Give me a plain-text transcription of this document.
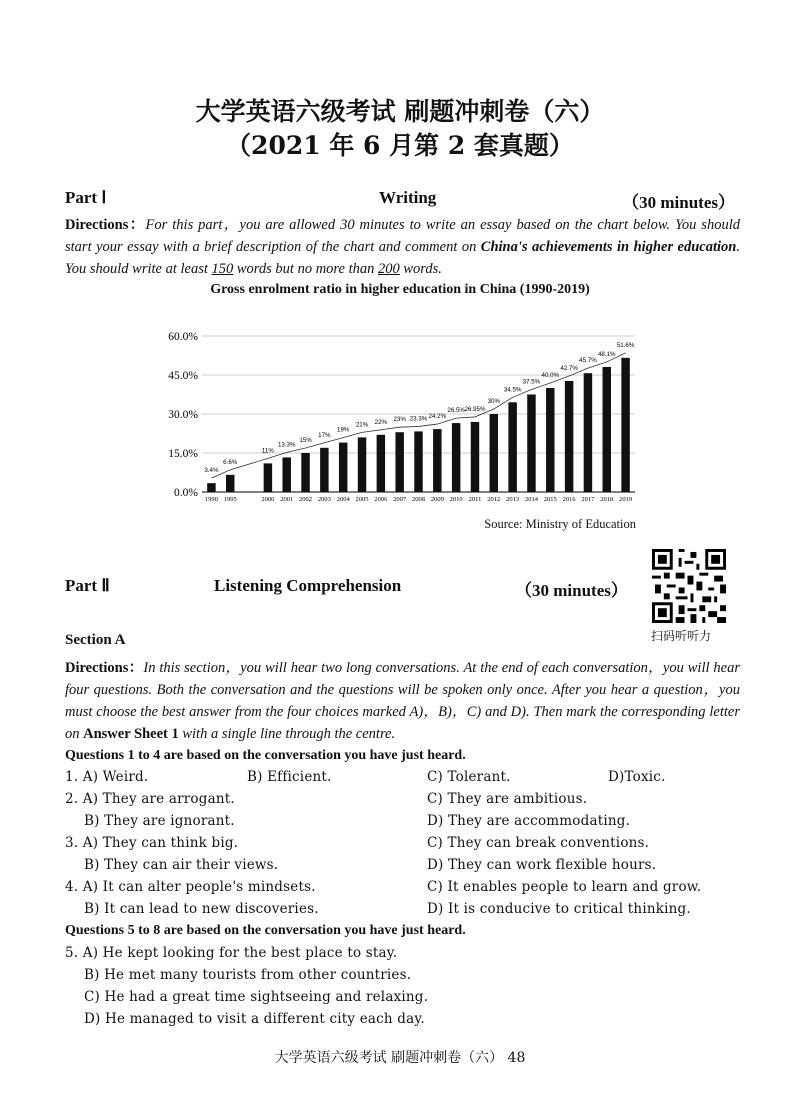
大学英语六级考试 刷题冲刺卷（六）
（2021 年 6 月第 2 套真题）
Part Ⅰ	Writing	（30 minutes）
Directions：For this part，you are allowed 30 minutes to write an essay based on the chart below. You should start your essay with a brief description of the chart and comment on China's achievements in higher education. You should write at least 150 words but no more than 200 words.
Gross enrolment ratio in higher education in China (1990-2019)
0.0%
15.0%
30.0%
45.0%
60.0%
3.4%
1990
6.6%
1995
11%
2000
13.3%
2001
15%
2002
17%
2003
19%
2004
21%
2005
22%
2006
23%
2007
23.3%
2008
24.2%
2009
26.5%
2010
26.95%
2011
30%
2012
34.5%
2013
37.5%
2014
40.0%
2015
42.7%
2016
45.7%
2017
48.1%
2018
51.6%
2019
Source: Ministry of Education
Part Ⅱ	Listening Comprehension	（30 minutes）
扫码听听力
Section A
Directions：In this section，you will hear two long conversations. At the end of each conversation，you will hear four questions. Both the conversation and the questions will be spoken only once. After you hear a question，you must choose the best answer from the four choices marked A)，B)，C) and D). Then mark the corresponding letter on Answer Sheet 1 with a single line through the centre.
Questions 1 to 4 are based on the conversation you have just heard.
1. A) Weird.	B) Efficient.	C) Tolerant.	D)Toxic.
2. A) They are arrogant.	C) They are ambitious.
B) They are ignorant.	D) They are accommodating.
3. A) They can think big.	C) They can break conventions.
B) They can air their views.	D) They can work flexible hours.
4. A) It can alter people's mindsets.	C) It enables people to learn and grow.
B) It can lead to new discoveries.	D) It is conducive to critical thinking.
Questions 5 to 8 are based on the conversation you have just heard.
5. A) He kept looking for the best place to stay.
B) He met many tourists from other countries.
C) He had a great time sightseeing and relaxing.
D) He managed to visit a different city each day.
大学英语六级考试 刷题冲刺卷（六） 48
